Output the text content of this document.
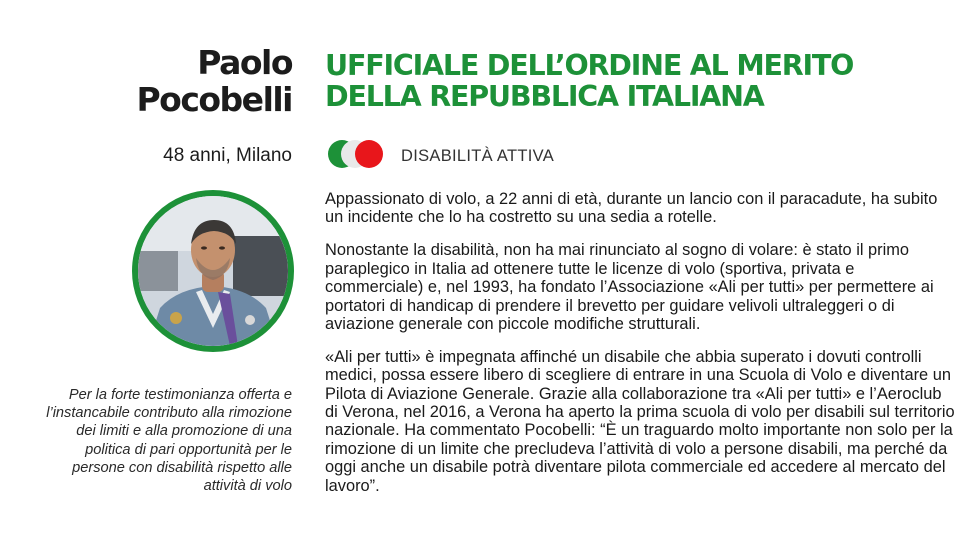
Paolo
Pocobelli
48 anni, Milano
Per la forte testimonianza offerta e l’instancabile contributo alla rimozione dei limiti e alla promozione di una politica di pari opportunità per le persone con disabilità rispetto alle attività di volo
UFFICIALE DELL’ORDINE AL MERITO
DELLA REPUBBLICA ITALIANA
DISABILITÀ ATTIVA

Appassionato di volo, a 22 anni di età, durante un lancio con il paracadute, ha subito un incidente che lo ha costretto su una sedia a rotelle.

Nonostante la disabilità, non ha mai rinunciato al sogno di volare: è stato il primo paraplegico in Italia ad ottenere tutte le licenze di volo (sportiva, privata e commerciale) e, nel 1993, ha fondato l’Associazione «Ali per tutti» per permettere ai portatori di handicap di prendere il brevetto per guidare velivoli ultraleggeri o di aviazione generale con piccole modifiche strutturali.

«Ali per tutti» è impegnata affinché un disabile che abbia superato i dovuti controlli medici, possa essere libero di scegliere di entrare in una Scuola di Volo e diventare un Pilota di Aviazione Generale. Grazie alla collaborazione tra «Ali per tutti» e l’Aeroclub di Verona, nel 2016, a Verona ha aperto la prima scuola di volo per disabili sul territorio nazionale. Ha commentato Pocobelli: “È un traguardo molto importante non solo per la rimozione di un limite che precludeva l’attività di volo a persone disabili, ma perché da oggi anche un disabile potrà diventare pilota commerciale ed accedere al mercato del lavoro”.
